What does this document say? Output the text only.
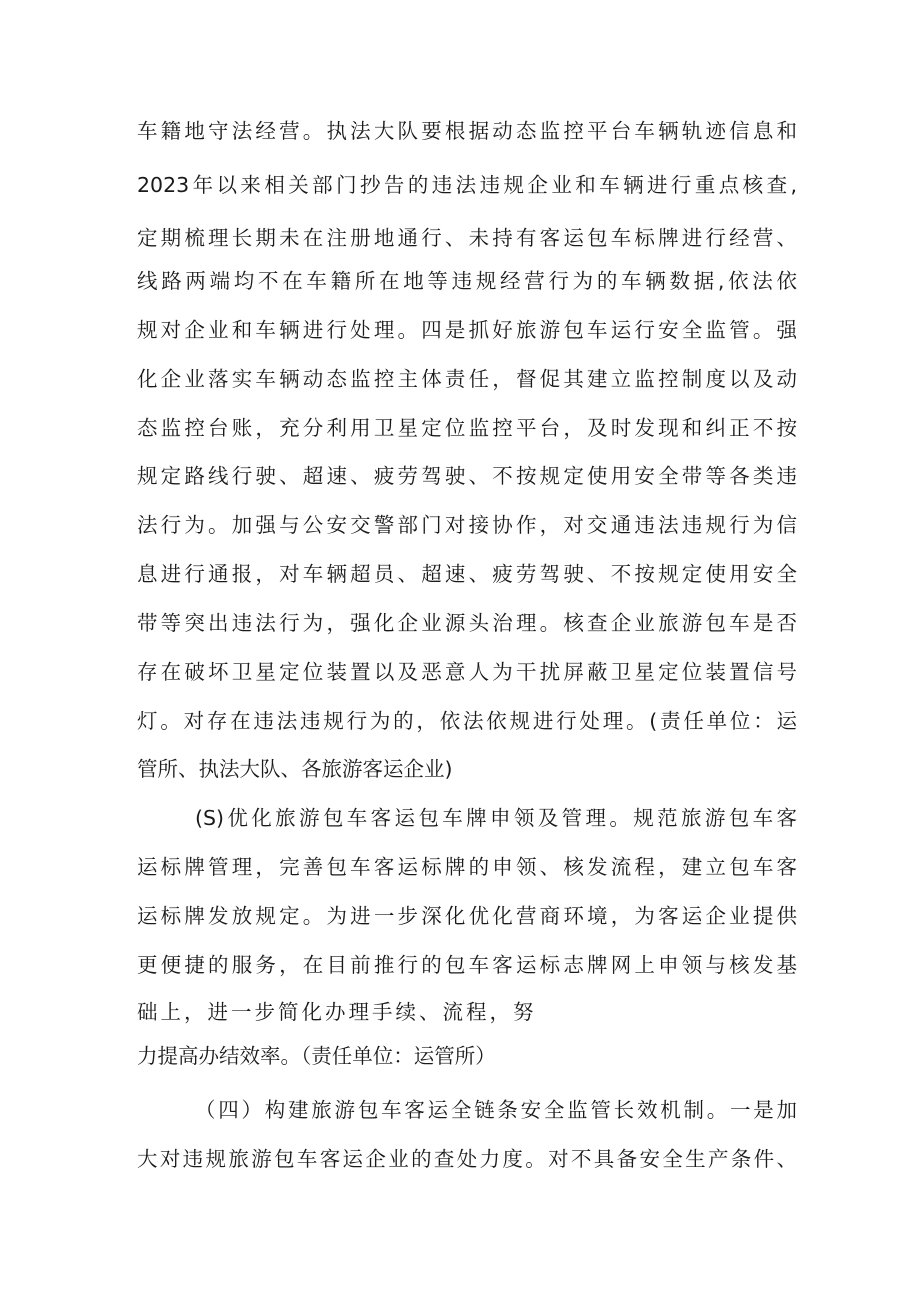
车籍地守法经营。执法大队要根据动态监控平台车辆轨迹信息和
2023年以来相关部门抄告的违法违规企业和车辆进行重点核查,
定期梳理长期未在注册地通行、未持有客运包车标牌进行经营、
线路两端均不在车籍所在地等违规经营行为的车辆数据,依法依
规对企业和车辆进行处理。四是抓好旅游包车运行安全监管。强
化企业落实车辆动态监控主体责任，督促其建立监控制度以及动
态监控台账，充分利用卫星定位监控平台，及时发现和纠正不按
规定路线行驶、超速、疲劳驾驶、不按规定使用安全带等各类违
法行为。加强与公安交警部门对接协作，对交通违法违规行为信
息进行通报，对车辆超员、超速、疲劳驾驶、不按规定使用安全
带等突出违法行为，强化企业源头治理。核查企业旅游包车是否
存在破坏卫星定位装置以及恶意人为干扰屏蔽卫星定位装置信号
灯。对存在违法违规行为的，依法依规进行处理。(责任单位：运
管所、执法大队、各旅游客运企业)
(S)优化旅游包车客运包车牌申领及管理。规范旅游包车客
运标牌管理，完善包车客运标牌的申领、核发流程，建立包车客
运标牌发放规定。为进一步深化优化营商环境，为客运企业提供
更便捷的服务，在目前推行的包车客运标志牌网上申领与核发基
础上，进一步简化办理手续、流程，努
力提高办结效率。（责任单位：运管所）
（四）构建旅游包车客运全链条安全监管长效机制。一是加
大对违规旅游包车客运企业的查处力度。对不具备安全生产条件、
